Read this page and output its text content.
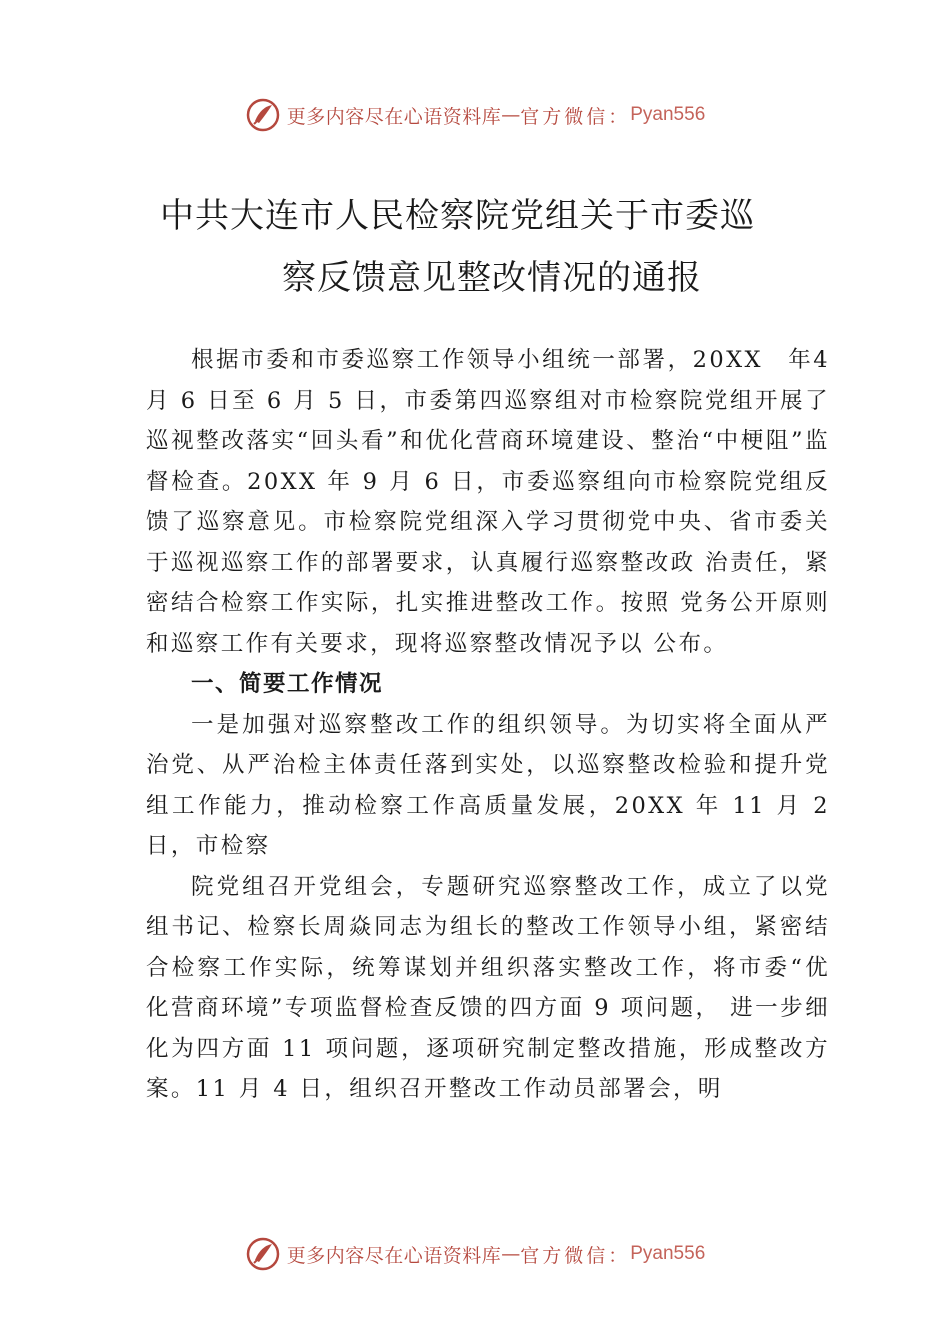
更多内容尽在心语资料库 — 官方微信： Pyan556
中共大连市人民检察院党组关于市委巡
察反馈意见整改情况的通报

根据市委和市委巡察工作领导小组统一部署，20XX　年4 月 6 日至 6 月 5 日，市委第四巡察组对市检察院党组开展了巡视整改落实“回头看”和优化营商环境建设、整治“中梗阻”监督检查。20XX 年 9 月 6 日，市委巡察组向市检察院党组反馈了巡察意见。市检察院党组深入学习贯彻党中央、省市委关于巡视巡察工作的部署要求，认真履行巡察整改政 治责任，紧密结合检察工作实际，扎实推进整改工作。按照 党务公开原则和巡察工作有关要求，现将巡察整改情况予以 公布。

一、简要工作情况

一是加强对巡察整改工作的组织领导。为切实将全面从严治党、从严治检主体责任落到实处，以巡察整改检验和提升党组工作能力，推动检察工作高质量发展，20XX 年 11 月 2 日，市检察

院党组召开党组会，专题研究巡察整改工作，成立了以党组书记、检察长周焱同志为组长的整改工作领导小组，紧密结合检察工作实际，统筹谋划并组织落实整改工作，将市委“优化营商环境”专项监督检查反馈的四方面 9 项问题， 进一步细化为四方面 11 项问题，逐项研究制定整改措施，形成整改方案。11 月 4 日，组织召开整改工作动员部署会，明

更多内容尽在心语资料库 — 官方微信： Pyan556
